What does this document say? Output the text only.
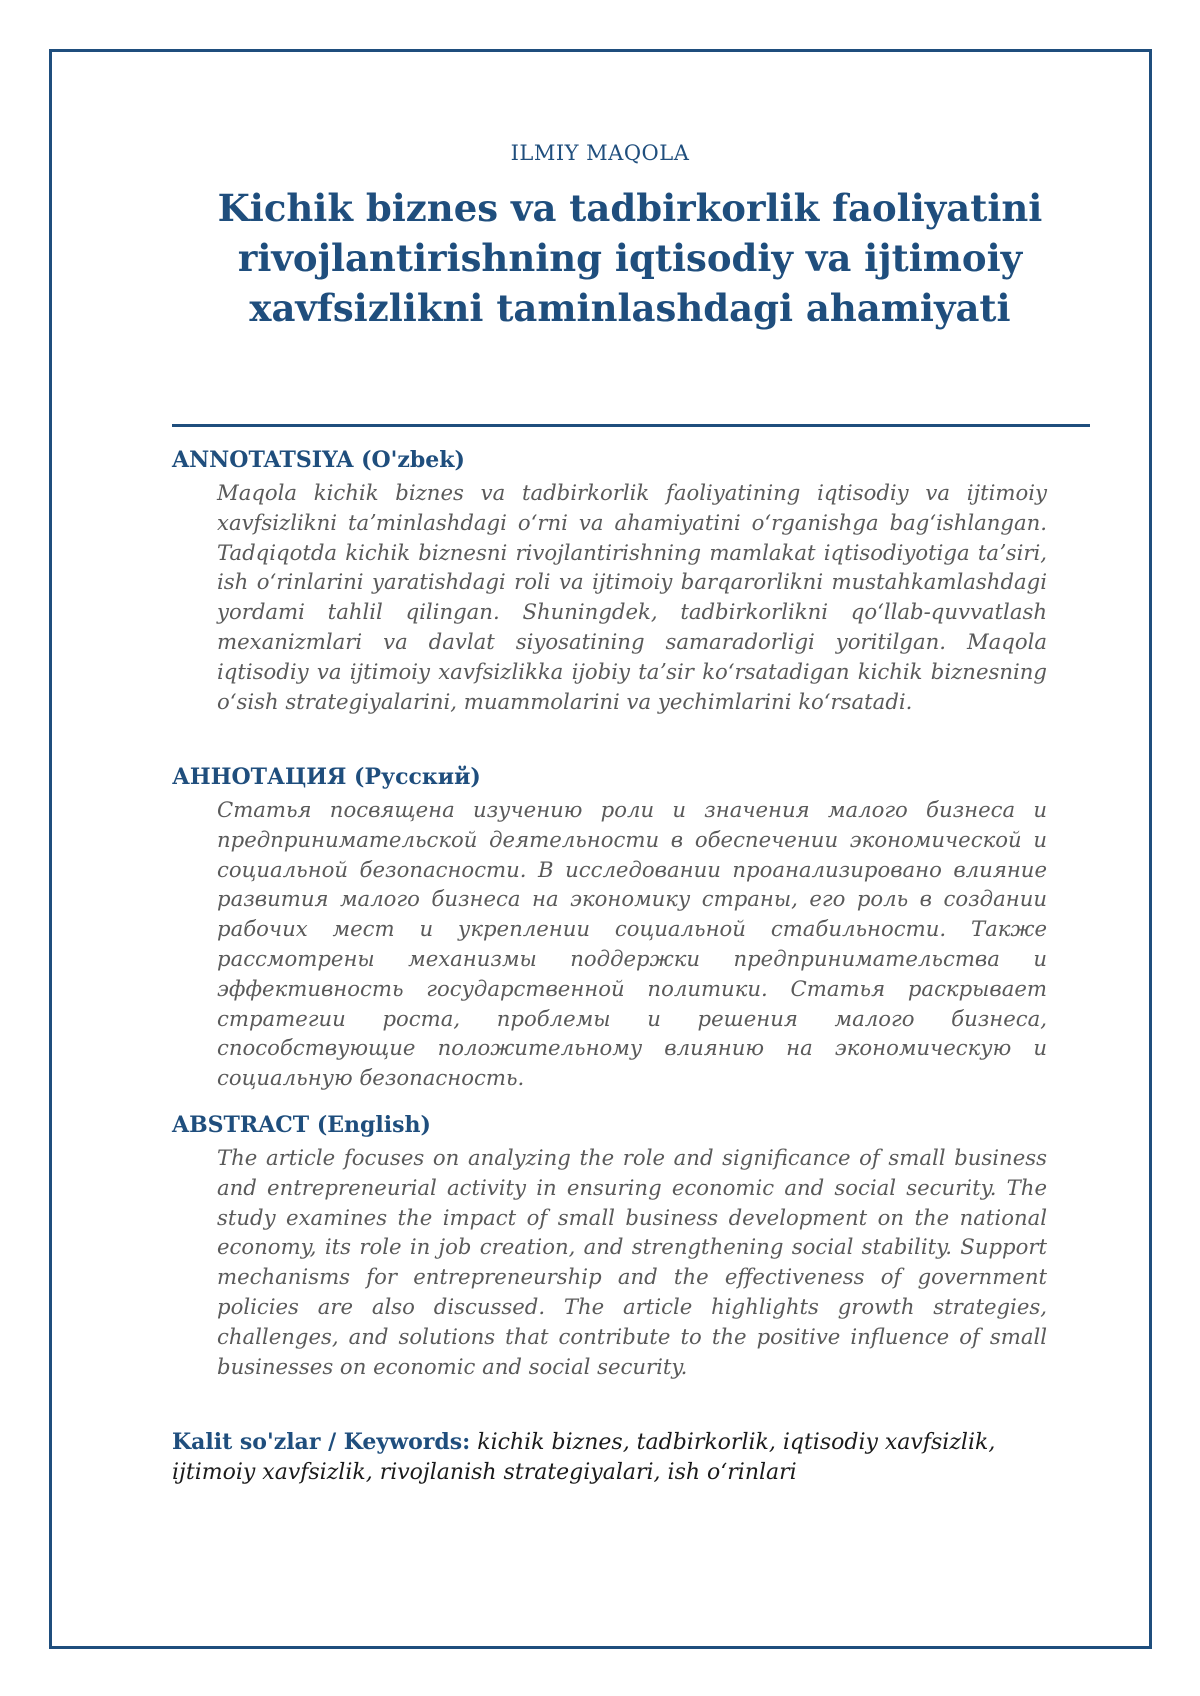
ILMIY MAQOLA
Kichik biznes va tadbirkorlik faoliyatini rivojlantirishning iqtisodiy va ijtimoiy xavfsizlikni taminlashdagi ahamiyati
ANNOTATSIYA (O'zbek)

Maqola kichik biznes va tadbirkorlik faoliyatining iqtisodiy va ijtimoiy xavfsizlikni taʼminlashdagi oʻrni va ahamiyatini oʻrganishga bagʻishlangan. Tadqiqotda kichik biznesni rivojlantirishning mamlakat iqtisodiyotiga taʼsiri, ish oʻrinlarini yaratishdagi roli va ijtimoiy barqarorlikni mustahkamlashdagi yordami tahlil qilingan. Shuningdek, tadbirkorlikni qoʻllab-quvvatlash mexanizmlari va davlat siyosatining samaradorligi yoritilgan. Maqola iqtisodiy va ijtimoiy xavfsizlikka ijobiy taʼsir koʻrsatadigan kichik biznesning oʻsish strategiyalarini, muammolarini va yechimlarini koʻrsatadi.

АННОТАЦИЯ (Русский)

Статья посвящена изучению роли и значения малого бизнеса и предпринимательской деятельности в обеспечении экономической и социальной безопасности. В исследовании проанализировано влияние развития малого бизнеса на экономику страны, его роль в создании рабочих мест и укреплении социальной стабильности. Также рассмотрены механизмы поддержки предпринимательства и эффективность государственной политики. Статья раскрывает стратегии роста, проблемы и решения малого бизнеса, способствующие положительному влиянию на экономическую и социальную безопасность.

ABSTRACT (English)

The article focuses on analyzing the role and significance of small business and entrepreneurial activity in ensuring economic and social security. The study examines the impact of small business development on the national economy, its role in job creation, and strengthening social stability. Support mechanisms for entrepreneurship and the effectiveness of government policies are also discussed. The article highlights growth strategies, challenges, and solutions that contribute to the positive influence of small businesses on economic and social security.

Kalit so'zlar / Keywords: kichik biznes, tadbirkorlik, iqtisodiy xavfsizlik, ijtimoiy xavfsizlik, rivojlanish strategiyalari, ish oʻrinlari
